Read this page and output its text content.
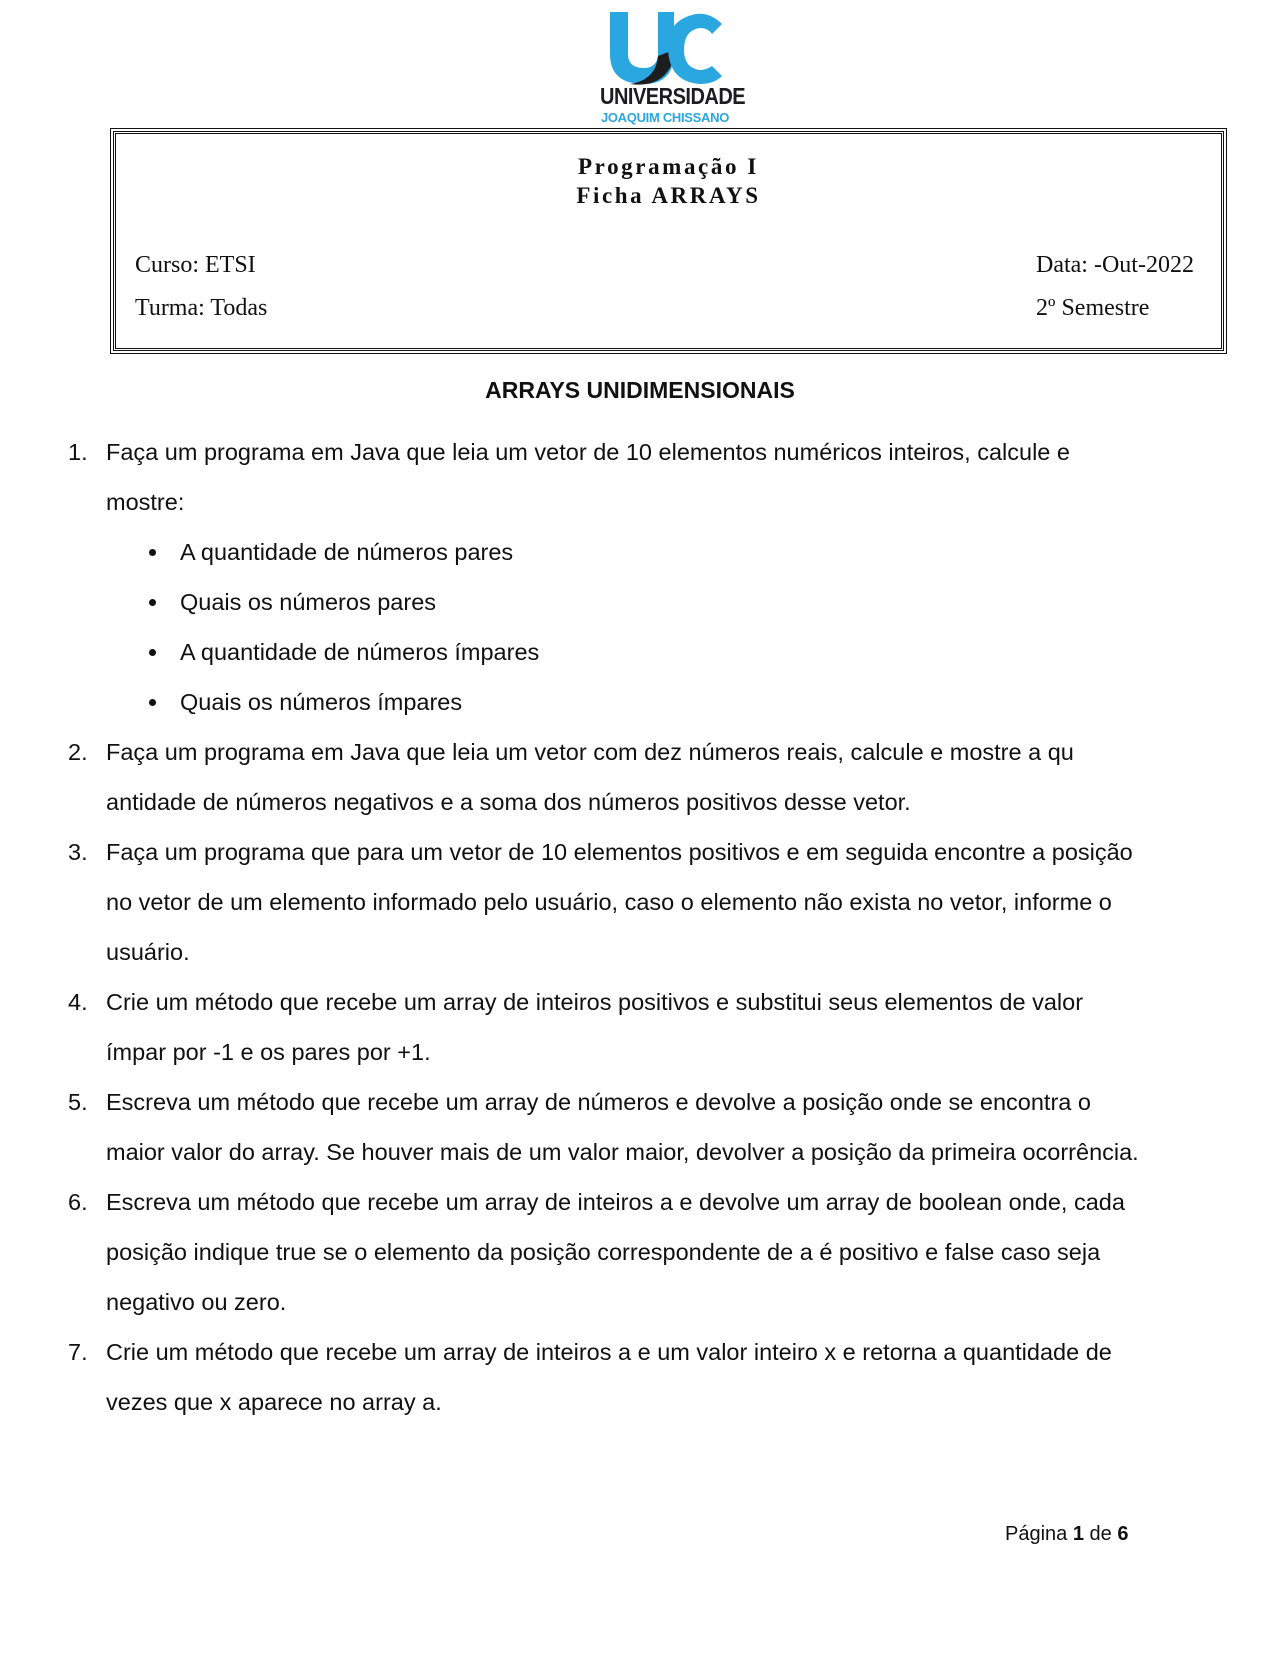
UNIVERSIDADE
JOAQUIM CHISSANO
Programação I
Ficha ARRAYS
Curso: ETSI
Turma: Todas
Data: -Out-2022
2º Semestre
ARRAYS UNIDIMENSIONAIS
1. Faça um programa em Java que leia um vetor de 10 elementos numéricos inteiros, calcule e mostre:
A quantidade de números pares
Quais os números pares
A quantidade de números ímpares
Quais os números ímpares
2. Faça um programa em Java que leia um vetor com dez números reais, calcule e mostre a qu antidade de números negativos e a soma dos números positivos desse vetor.
3. Faça um programa que para um vetor de 10 elementos positivos e em seguida encontre a posição no vetor de um elemento informado pelo usuário, caso o elemento não exista no vetor, informe o usuário.
4. Crie um método que recebe um array de inteiros positivos e substitui seus elementos de valor ímpar por -1 e os pares por +1.
5. Escreva um método que recebe um array de números e devolve a posição onde se encontra o maior valor do array. Se houver mais de um valor maior, devolver a posição da primeira ocorrência.
6. Escreva um método que recebe um array de inteiros a e devolve um array de boolean onde, cada posição indique true se o elemento da posição correspondente de a é positivo e false caso seja negativo ou zero.
7. Crie um método que recebe um array de inteiros a e um valor inteiro x e retorna a quantidade de vezes que x aparece no array a.
Página 1 de 6
